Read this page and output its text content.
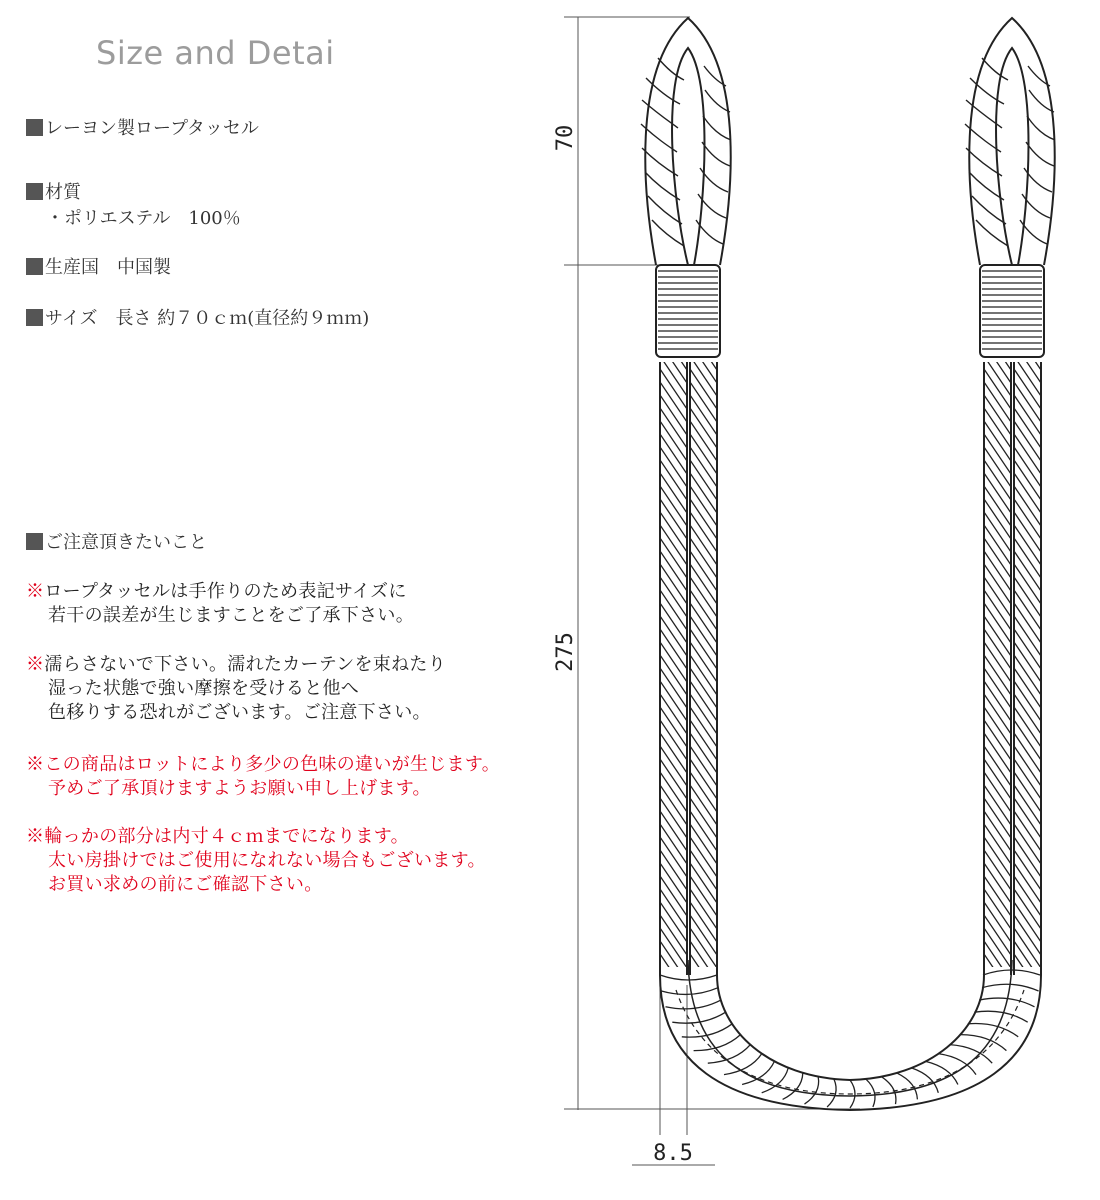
Size and Detai
レーヨン製ロープタッセル
材質
・ポリエステル　100％
生産国　中国製
サイズ　長さ 約７０ｃｍ(直径約９ｍｍ)
ご注意頂きたいこと
※ロープタッセルは手作りのため表記サイズに
若干の誤差が生じますことをご了承下さい。
※濡らさないで下さい。濡れたカーテンを束ねたり
湿った状態で強い摩擦を受けると他へ
色移りする恐れがございます。ご注意下さい。
※この商品はロットにより多少の色味の違いが生じます。
予めご了承頂けますようお願い申し上げます。
※輪っかの部分は内寸４ｃｍまでになります。
太い房掛けではご使用になれない場合もございます。
お買い求めの前にご確認下さい。
70
275
8.5
